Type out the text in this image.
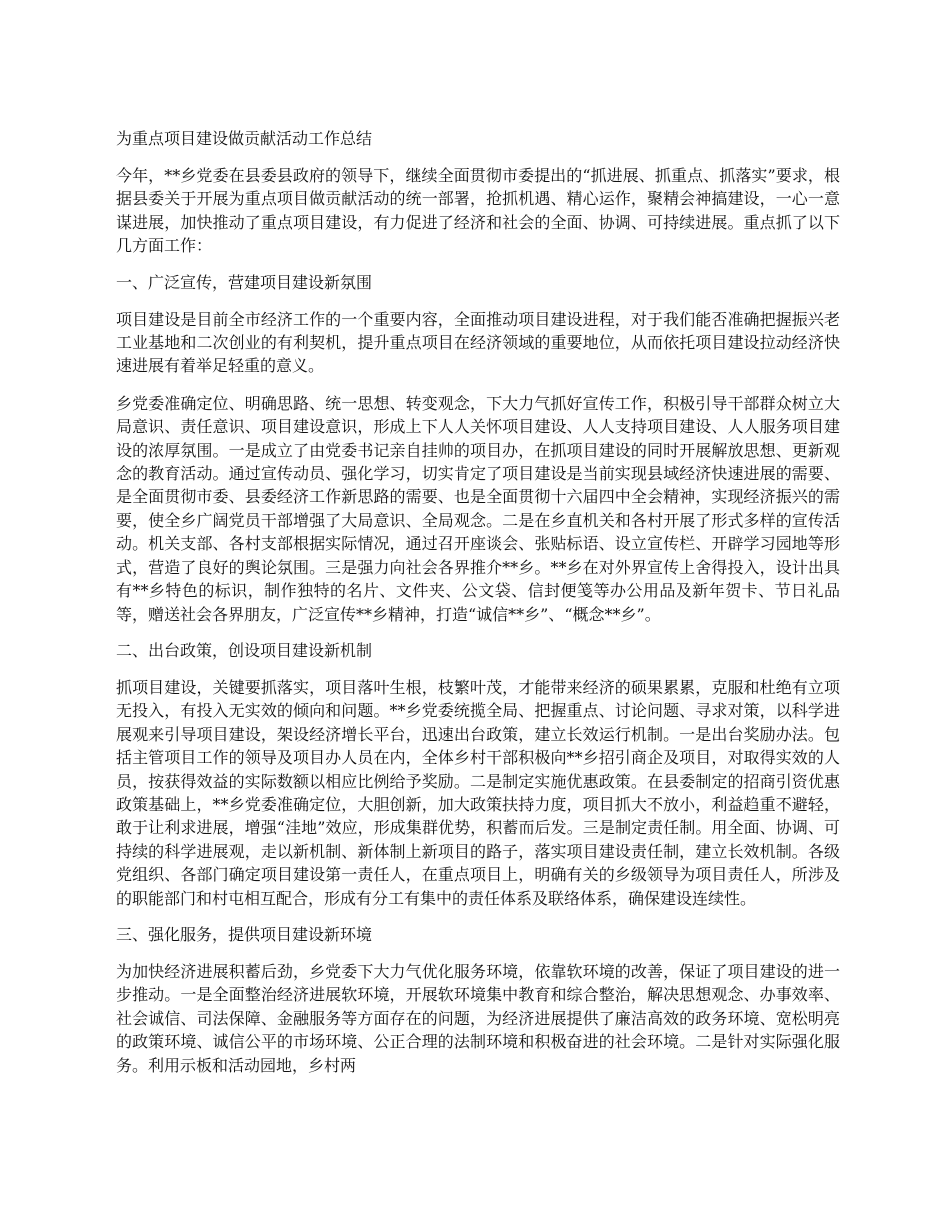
为重点项目建设做贡献活动工作总结

今年，**乡党委在县委县政府的领导下，继续全面贯彻市委提出的“抓进展、抓重点、抓落实”要求，根据县委关于开展为重点项目做贡献活动的统一部署，抢抓机遇、精心运作，聚精会神搞建设，一心一意谋进展，加快推动了重点项目建设，有力促进了经济和社会的全面、协调、可持续进展。重点抓了以下几方面工作：

一、广泛宣传，营建项目建设新氛围

项目建设是目前全市经济工作的一个重要内容，全面推动项目建设进程，对于我们能否准确把握振兴老工业基地和二次创业的有利契机，提升重点项目在经济领域的重要地位，从而依托项目建设拉动经济快速进展有着举足轻重的意义。

乡党委准确定位、明确思路、统一思想、转变观念，下大力气抓好宣传工作，积极引导干部群众树立大局意识、责任意识、项目建设意识，形成上下人人关怀项目建设、人人支持项目建设、人人服务项目建设的浓厚氛围。一是成立了由党委书记亲自挂帅的项目办，在抓项目建设的同时开展解放思想、更新观念的教育活动。通过宣传动员、强化学习，切实肯定了项目建设是当前实现县域经济快速进展的需要、是全面贯彻市委、县委经济工作新思路的需要、也是全面贯彻十六届四中全会精神，实现经济振兴的需要，使全乡广阔党员干部增强了大局意识、全局观念。二是在乡直机关和各村开展了形式多样的宣传活动。机关支部、各村支部根据实际情况，通过召开座谈会、张贴标语、设立宣传栏、开辟学习园地等形式，营造了良好的舆论氛围。三是强力向社会各界推介**乡。**乡在对外界宣传上舍得投入，设计出具有**乡特色的标识，制作独特的名片、文件夹、公文袋、信封便笺等办公用品及新年贺卡、节日礼品等，赠送社会各界朋友，广泛宣传**乡精神，打造“诚信**乡”、“概念**乡”。

二、出台政策，创设项目建设新机制

抓项目建设，关键要抓落实，项目落叶生根，枝繁叶茂，才能带来经济的硕果累累，克服和杜绝有立项无投入，有投入无实效的倾向和问题。**乡党委统揽全局、把握重点、讨论问题、寻求对策，以科学进展观来引导项目建设，架设经济增长平台，迅速出台政策，建立长效运行机制。一是出台奖励办法。包括主管项目工作的领导及项目办人员在内，全体乡村干部积极向**乡招引商企及项目，对取得实效的人员，按获得效益的实际数额以相应比例给予奖励。二是制定实施优惠政策。在县委制定的招商引资优惠政策基础上，**乡党委准确定位，大胆创新，加大政策扶持力度，项目抓大不放小，利益趋重不避轻，敢于让利求进展，增强“洼地”效应，形成集群优势，积蓄而后发。三是制定责任制。用全面、协调、可持续的科学进展观，走以新机制、新体制上新项目的路子，落实项目建设责任制，建立长效机制。各级党组织、各部门确定项目建设第一责任人，在重点项目上，明确有关的乡级领导为项目责任人，所涉及的职能部门和村屯相互配合，形成有分工有集中的责任体系及联络体系，确保建设连续性。

三、强化服务，提供项目建设新环境

为加快经济进展积蓄后劲，乡党委下大力气优化服务环境，依靠软环境的改善，保证了项目建设的进一步推动。一是全面整治经济进展软环境，开展软环境集中教育和综合整治，解决思想观念、办事效率、社会诚信、司法保障、金融服务等方面存在的问题，为经济进展提供了廉洁高效的政务环境、宽松明亮的政策环境、诚信公平的市场环境、公正合理的法制环境和积极奋进的社会环境。二是针对实际强化服务。利用示板和活动园地，乡村两
